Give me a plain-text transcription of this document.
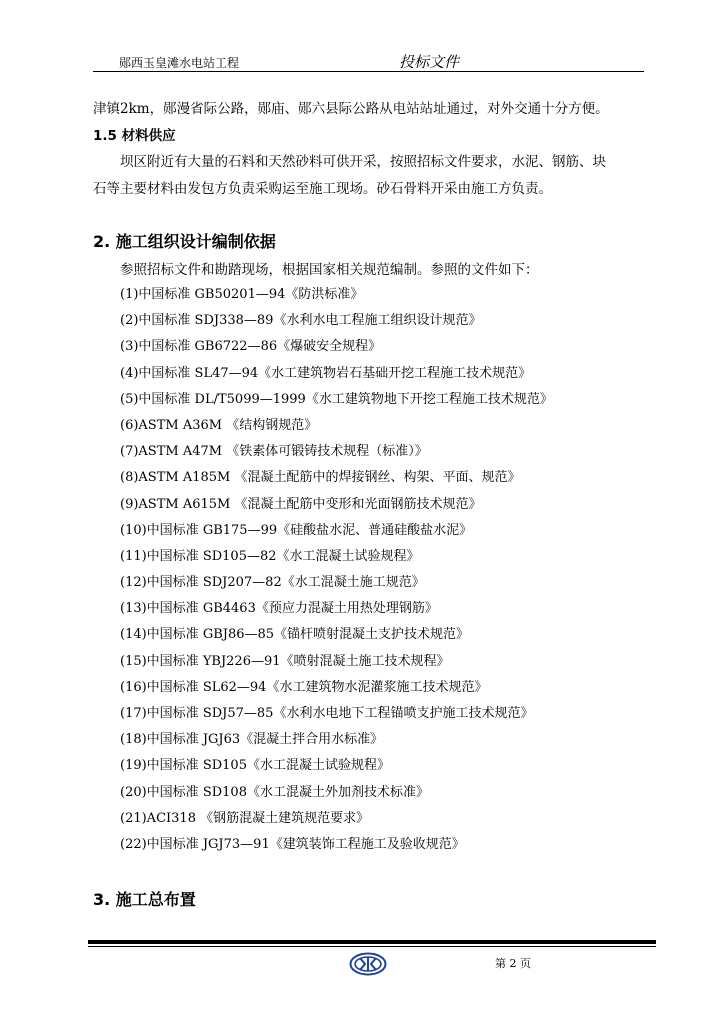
郧西玉皇滩水电站工程	投标文件
津镇2km，郧漫省际公路，郧庙、郧六县际公路从电站站址通过，对外交通十分方便。
1.5 材料供应
坝区附近有大量的石料和天然砂料可供开采，按照招标文件要求，水泥、钢筋、块
石等主要材料由发包方负责采购运至施工现场。砂石骨料开采由施工方负责。
2. 施工组织设计编制依据
参照招标文件和勘踏现场，根据国家相关规范编制。参照的文件如下：
(1)中国标准 GB50201—94《防洪标准》
(2)中国标准 SDJ338—89《水利水电工程施工组织设计规范》
(3)中国标准 GB6722—86《爆破安全规程》
(4)中国标准 SL47—94《水工建筑物岩石基础开挖工程施工技术规范》
(5)中国标准 DL/T5099—1999《水工建筑物地下开挖工程施工技术规范》
(6)ASTM A36M 《结构钢规范》
(7)ASTM A47M 《铁素体可锻铸技术规程（标准）》
(8)ASTM A185M 《混凝土配筋中的焊接钢丝、构架、平面、规范》
(9)ASTM A615M 《混凝土配筋中变形和光面钢筋技术规范》
(10)中国标准 GB175—99《硅酸盐水泥、普通硅酸盐水泥》
(11)中国标准 SD105—82《水工混凝土试验规程》
(12)中国标准 SDJ207—82《水工混凝土施工规范》
(13)中国标准 GB4463《预应力混凝土用热处理钢筋》
(14)中国标准 GBJ86—85《锚杆喷射混凝土支护技术规范》
(15)中国标准 YBJ226—91《喷射混凝土施工技术规程》
(16)中国标准 SL62—94《水工建筑物水泥灌浆施工技术规范》
(17)中国标准 SDJ57—85《水利水电地下工程锚喷支护施工技术规范》
(18)中国标准 JGJ63《混凝土拌合用水标准》
(19)中国标准 SD105《水工混凝土试验规程》
(20)中国标准 SD108《水工混凝土外加剂技术标准》
(21)ACI318 《钢筋混凝土建筑规范要求》
(22)中国标准 JGJ73—91《建筑装饰工程施工及验收规范》
3. 施工总布置
第 2 页
